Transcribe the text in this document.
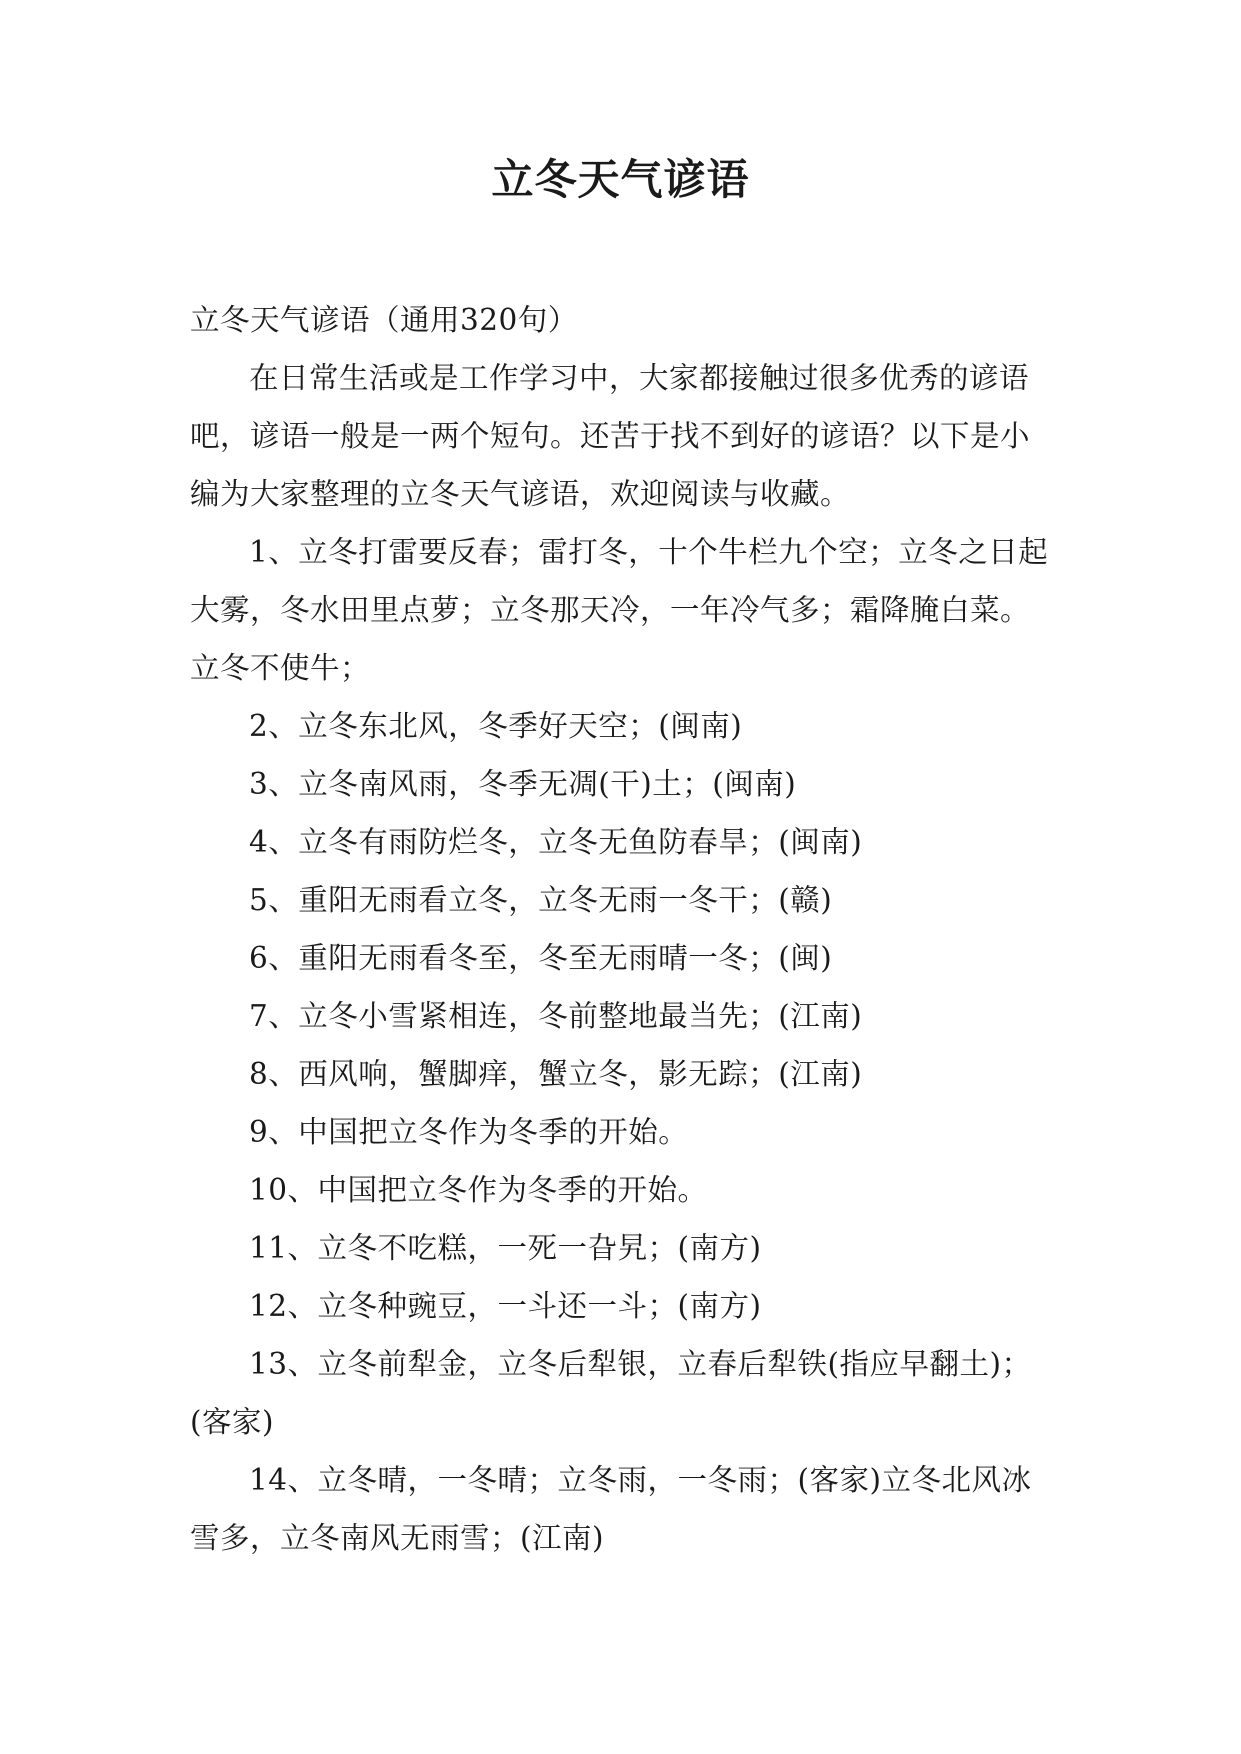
立冬天气谚语

立冬天气谚语（通用320句）

在日常生活或是工作学习中，大家都接触过很多优秀的谚语吧，谚语一般是一两个短句。还苦于找不到好的谚语？以下是小编为大家整理的立冬天气谚语，欢迎阅读与收藏。

1、立冬打雷要反春；雷打冬，十个牛栏九个空；立冬之日起大雾，冬水田里点萝；立冬那天冷，一年冷气多；霜降腌白菜。立冬不使牛；

2、立冬东北风，冬季好天空；(闽南)

3、立冬南风雨，冬季无凋(干)土；(闽南)

4、立冬有雨防烂冬，立冬无鱼防春旱；(闽南)

5、重阳无雨看立冬，立冬无雨一冬干；(赣)

6、重阳无雨看冬至，冬至无雨晴一冬；(闽)

7、立冬小雪紧相连，冬前整地最当先；(江南)

8、西风响，蟹脚痒，蟹立冬，影无踪；(江南)

9、中国把立冬作为冬季的开始。

10、中国把立冬作为冬季的开始。

11、立冬不吃糕，一死一旮旯；(南方)

12、立冬种豌豆，一斗还一斗；(南方)

13、立冬前犁金，立冬后犁银，立春后犁铁(指应早翻土)；(客家)

14、立冬晴，一冬晴；立冬雨，一冬雨；(客家)立冬北风冰雪多，立冬南风无雨雪；(江南)
